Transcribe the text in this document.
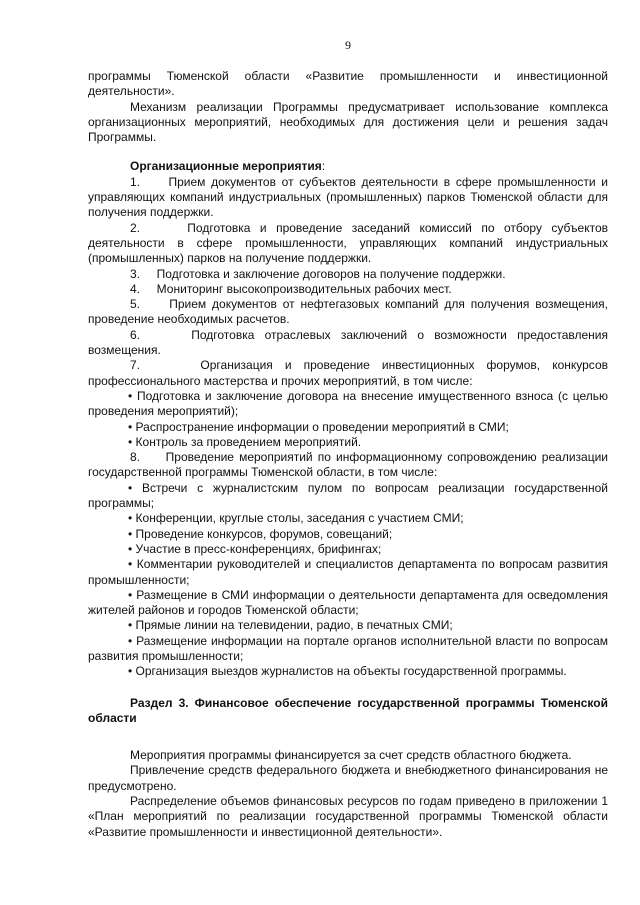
9

программы Тюменской области «Развитие промышленности и инвестиционной деятельности».

Механизм реализации Программы предусматривает использование комплекса организационных мероприятий, необходимых для достижения цели и решения задач Программы.

Организационные мероприятия:

1.     Прием документов от субъектов деятельности в сфере промышленности и управляющих компаний индустриальных (промышленных) парков Тюменской области для получения поддержки.

2.     Подготовка и проведение заседаний комиссий по отбору субъектов деятельности в сфере промышленности, управляющих компаний индустриальных (промышленных) парков на получение поддержки.

3.     Подготовка и заключение договоров на получение поддержки.

4.     Мониторинг высокопроизводительных рабочих мест.

5.     Прием документов от нефтегазовых компаний для получения возмещения, проведение необходимых расчетов.

6.     Подготовка отраслевых заключений о возможности предоставления возмещения.

7.     Организация и проведение инвестиционных форумов, конкурсов профессионального мастерства и прочих мероприятий, в том числе:

• Подготовка и заключение договора на внесение имущественного взноса (с целью проведения мероприятий);

• Распространение информации о проведении мероприятий в СМИ;

• Контроль за проведением мероприятий.

8.     Проведение мероприятий по информационному сопровождению реализации государственной программы Тюменской области, в том числе:

• Встречи с журналистским пулом по вопросам реализации государственной программы;

• Конференции, круглые столы, заседания с участием СМИ;

• Проведение конкурсов, форумов, совещаний;

• Участие в пресс-конференциях, брифингах;

• Комментарии руководителей и специалистов департамента по вопросам развития промышленности;

• Размещение в СМИ информации о деятельности департамента для осведомления жителей районов и городов Тюменской области;

• Прямые линии на телевидении, радио, в печатных СМИ;

• Размещение информации на портале органов исполнительной власти по вопросам развития промышленности;

• Организация выездов журналистов на объекты государственной программы.

Раздел 3. Финансовое обеспечение государственной программы Тюменской области

Мероприятия программы финансируется за счет средств областного бюджета.

Привлечение средств федерального бюджета и внебюджетного финансирования не предусмотрено.

Распределение объемов финансовых ресурсов по годам приведено в приложении 1 «План мероприятий по реализации государственной программы Тюменской области «Развитие промышленности и инвестиционной деятельности».
